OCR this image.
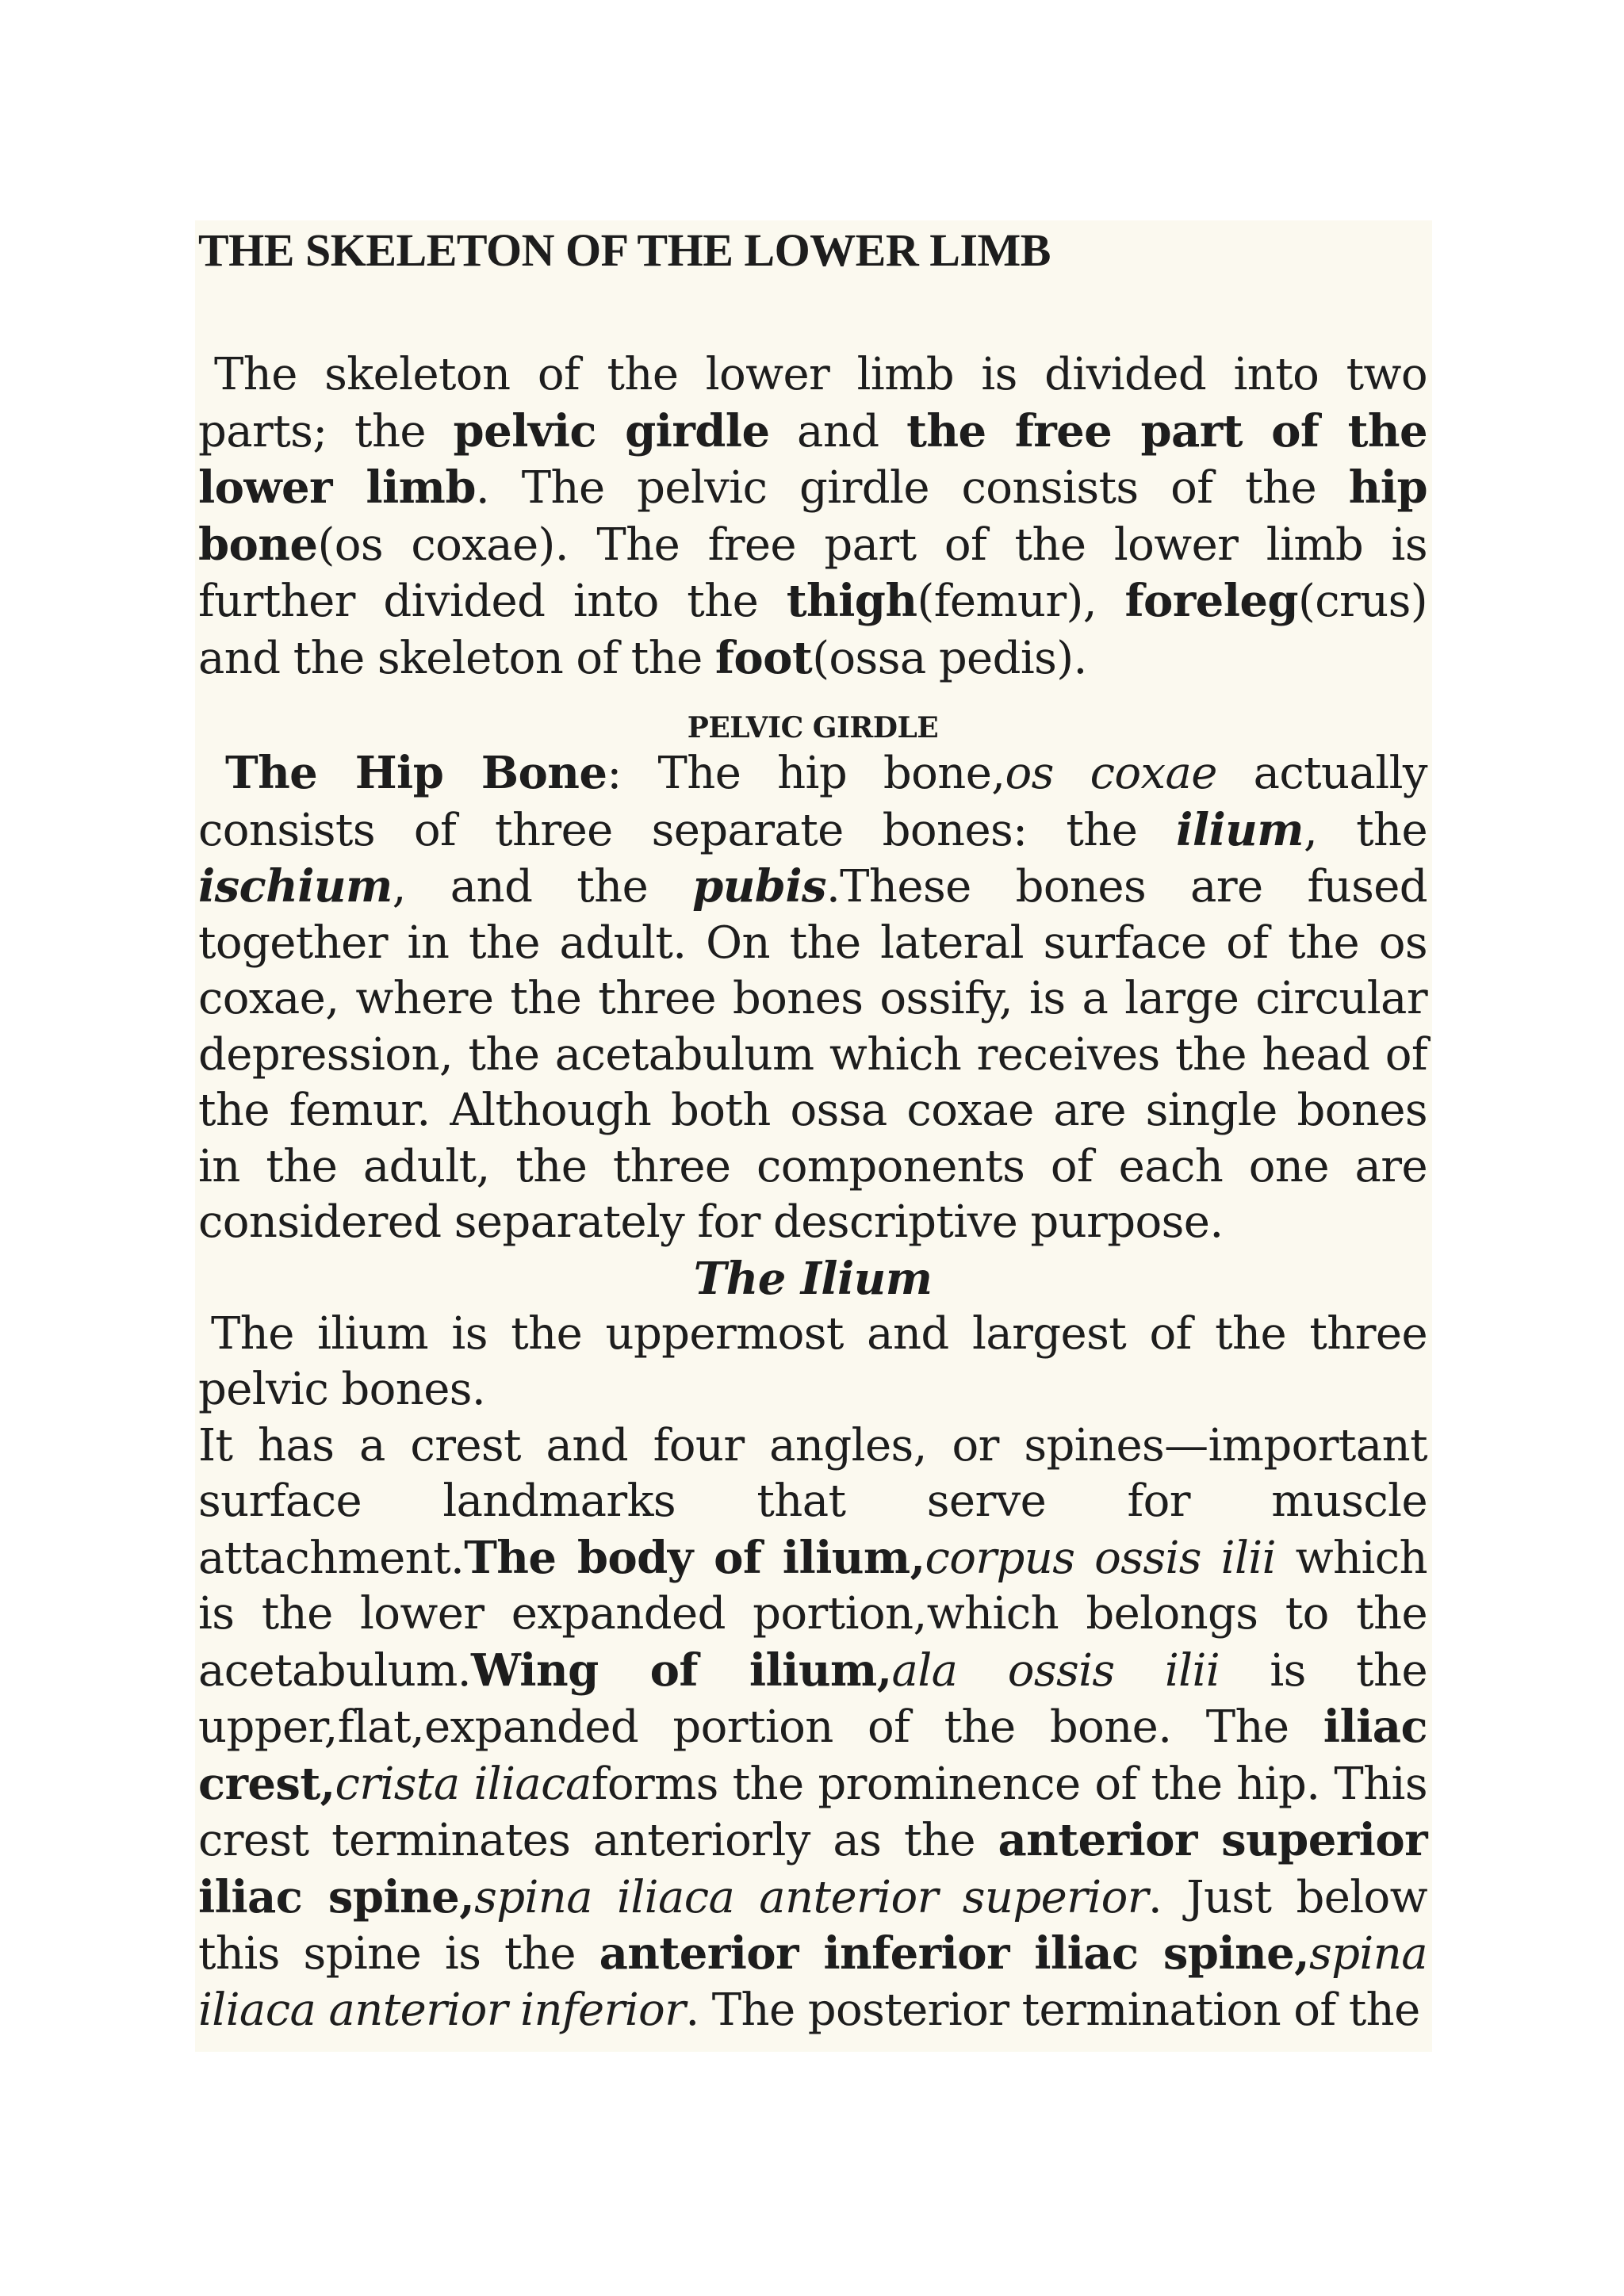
THE SKELETON OF THE LOWER LIMB

The skeleton of the lower limb is divided into two parts; the pelvic girdle and the free part of the lower limb. The pelvic girdle consists of the hip bone(os coxae). The free part of the lower limb is further divided into the thigh(femur), foreleg(crus) and the skeleton of the foot(ossa pedis).

PELVIC GIRDLE

The Hip Bone: The hip bone,os coxae actually consists of three separate bones: the ilium, the ischium, and the pubis.These bones are fused together in the adult. On the lateral surface of the os coxae, where the three bones ossify, is a large circular depression, the acetabulum which receives the head of the femur. Although both ossa coxae are single bones in the adult, the three components of each one are considered separately for descriptive purpose.

The Ilium

The ilium is the uppermost and largest of the three pelvic bones.

It has a crest and four angles, or spines—important surface landmarks that serve for muscle attachment.The body of ilium,corpus ossis ilii which is the lower expanded portion,which belongs to the acetabulum.Wing of ilium,ala ossis ilii is the upper,flat,expanded portion of the bone. The iliac crest,crista iliacaforms the prominence of the hip. This crest terminates anteriorly as the anterior superior iliac spine,spina iliaca anterior superior. Just below this spine is the anterior inferior iliac spine,spina iliaca anterior inferior. The posterior termination of the
